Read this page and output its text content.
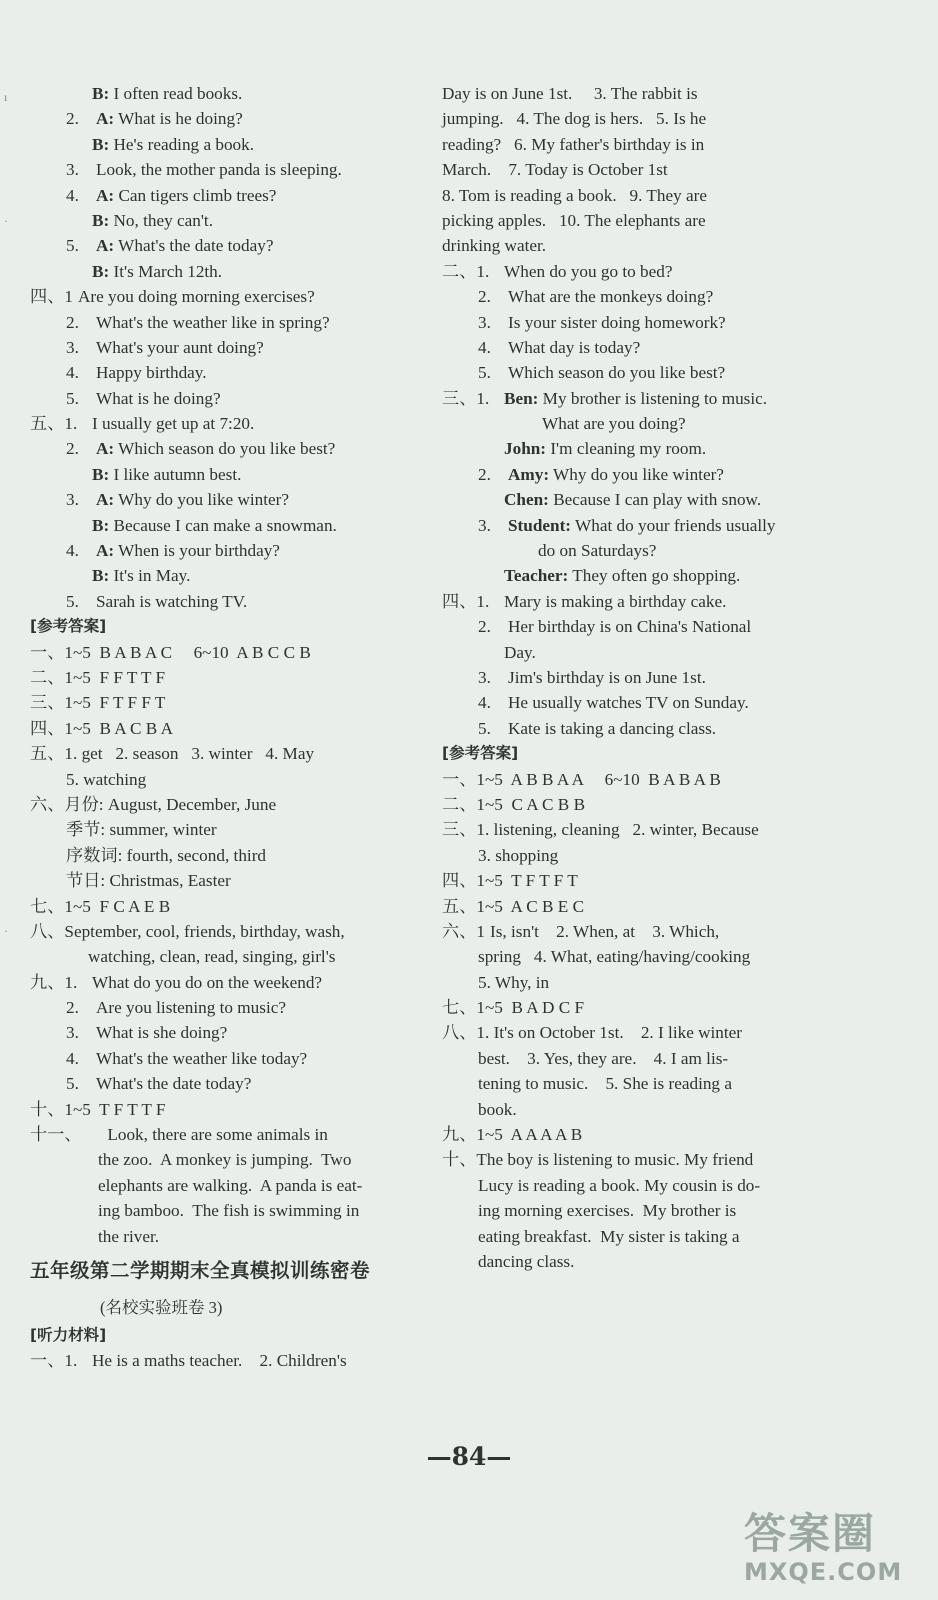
B: I often read books.
2. A: What is he doing?
B: He's reading a book.
3. Look, the mother panda is sleeping.
4. A: Can tigers climb trees?
B: No, they can't.
5. A: What's the date today?
B: It's March 12th.
四、1 Are you doing morning exercises?
2. What's the weather like in spring?
3. What's your aunt doing?
4. Happy birthday.
5. What is he doing?
五、1. I usually get up at 7:20.
2. A: Which season do you like best?
B: I like autumn best.
3. A: Why do you like winter?
B: Because I can make a snowman.
4. A: When is your birthday?
B: It's in May.
5. Sarah is watching TV.
[参考答案]
一、 1~5  B A B A C     6~10  A B C C B
二、 1~5  F F T T F
三、 1~5  F T F F T
四、 1~5  B A C B A
五、 1. get   2. season   3. winter   4. May
5. watching
六、 月份: August, December, June
季节: summer, winter
序数词: fourth, second, third
节日: Christmas, Easter
七、 1~5  F C A E B
八、 September, cool, friends, birthday, wash,
watching, clean, read, singing, girl's
九、1. What do you do on the weekend?
2. Are you listening to music?
3. What is she doing?
4. What's the weather like today?
5. What's the date today?
十、 1~5  T F T T F
十一、 Look, there are some animals in
the zoo.  A monkey is jumping.  Two
elephants are walking.  A panda is eat-
ing bamboo.  The fish is swimming in
the river.
五年级第二学期期末全真模拟训练密卷
(名校实验班卷 3)
[听力材料]
一、1. He is a maths teacher.    2. Children's
Day is on June 1st.     3. The rabbit is
jumping.   4. The dog is hers.   5. Is he
reading?   6. My father's birthday is in
March.    7. Today is October 1st
8. Tom is reading a book.   9. They are
picking apples.   10. The elephants are
drinking water.
二、1. When do you go to bed?
2. What are the monkeys doing?
3. Is your sister doing homework?
4. What day is today?
5. Which season do you like best?
三、1. Ben: My brother is listening to music.
What are you doing?
John: I'm cleaning my room.
2. Amy: Why do you like winter?
Chen: Because I can play with snow.
3. Student: What do your friends usually
do on Saturdays?
Teacher: They often go shopping.
四、1. Mary is making a birthday cake.
2. Her birthday is on China's National
Day.
3. Jim's birthday is on June 1st.
4. He usually watches TV on Sunday.
5. Kate is taking a dancing class.
[参考答案]
一、 1~5  A B B A A     6~10  B A B A B
二、 1~5  C A C B B
三、 1. listening, cleaning   2. winter, Because
3. shopping
四、 1~5  T F T F T
五、 1~5  A C B E C
六、1 Is, isn't    2. When, at    3. Which,
spring   4. What, eating/having/cooking
5. Why, in
七、 1~5  B A D C F
八、 1. It's on October 1st.    2. I like winter
best.    3. Yes, they are.    4. I am lis-
tening to music.    5. She is reading a
book.
九、 1~5  A A A A B
十、 The boy is listening to music. My friend
Lucy is reading a book. My cousin is do-
ing morning exercises.  My brother is
eating breakfast.  My sister is taking a
dancing class.
—84—
答案圈
MXQE.COM
ı
·
·
